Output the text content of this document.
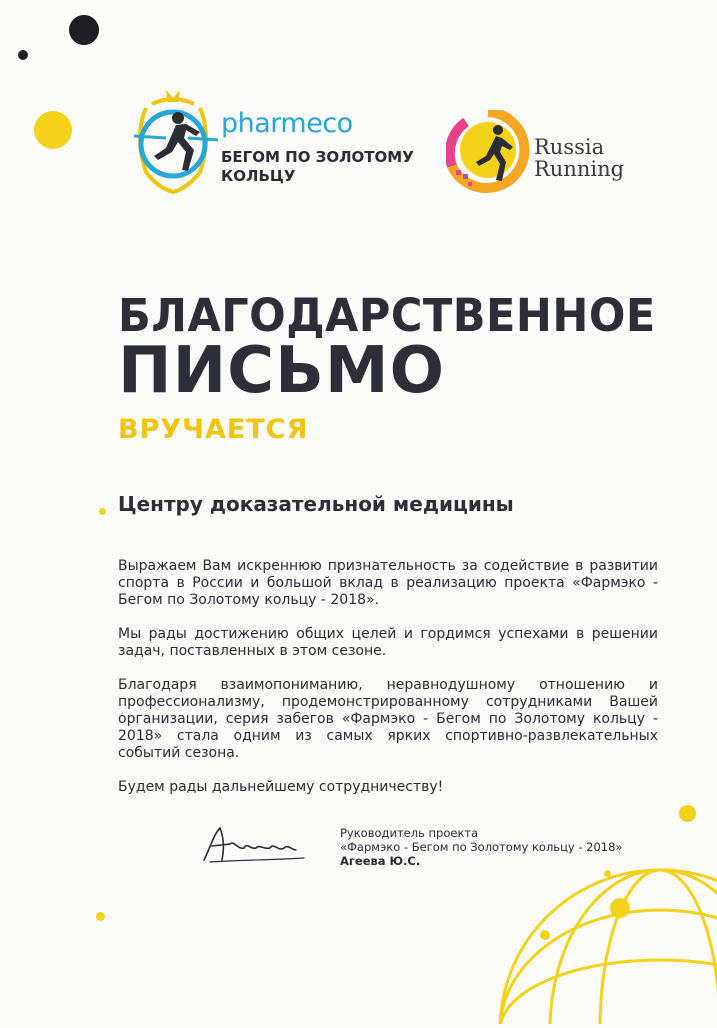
pharmeco
БЕГОМ ПО ЗОЛОТОМУ
КОЛЬЦУ
Russia
Running
БЛАГОДАРСТВЕННОЕ
ПИСЬМО
ВРУЧАЕТСЯ
Центру доказательной медицины

Выражаем Вам искреннюю признательность за содействие в развитии спорта в России и большой вклад в реализацию проекта «Фармэко - Бегом по Золотому кольцу - 2018».

Мы рады достижению общих целей и гордимся успехами в решении задач, поставленных в этом сезоне.

Благодаря взаимопониманию, неравнодушному отношению и профессионализму, продемонстрированному сотрудниками Вашей организации, серия забегов «Фармэко - Бегом по Золотому кольцу - 2018» стала одним из самых ярких спортивно-развлекательных событий сезона.

Будем рады дальнейшему сотрудничеству!

Руководитель проекта
«Фармэко - Бегом по Золотому кольцу - 2018»
Агеева Ю.С.
